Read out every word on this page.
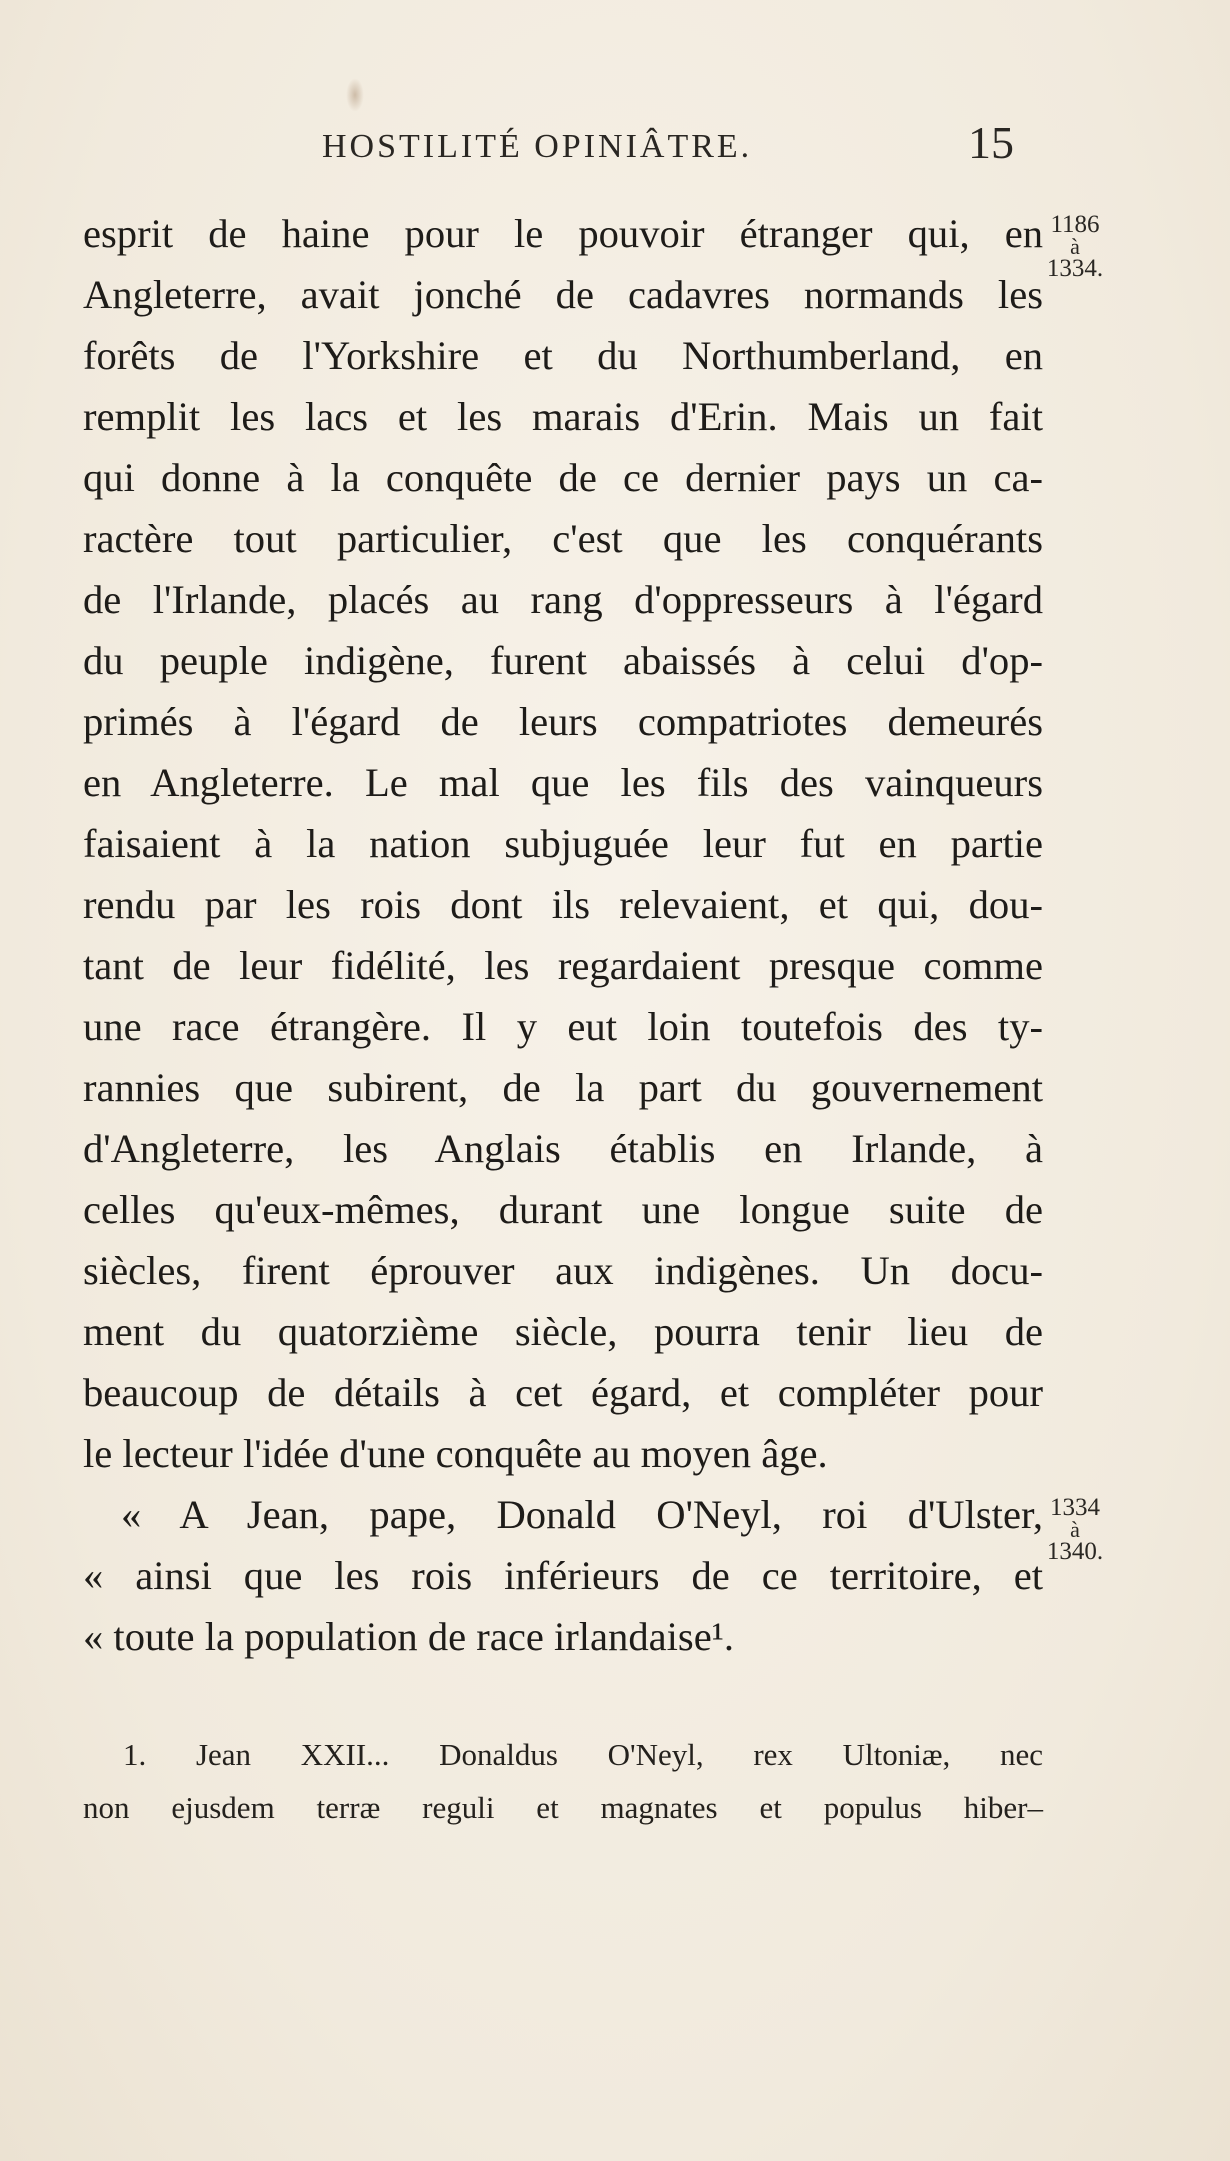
HOSTILITÉ OPINIÂTRE.	15
1186
à
1334.
1334
à
1340.
esprit de haine pour le pouvoir étranger qui, en
Angleterre, avait jonché de cadavres normands les
forêts de l'Yorkshire et du Northumberland, en
remplit les lacs et les marais d'Erin. Mais un fait
qui donne à la conquête de ce dernier pays un ca-
ractère tout particulier, c'est que les conquérants
de l'Irlande, placés au rang d'oppresseurs à l'égard
du peuple indigène, furent abaissés à celui d'op-
primés à l'égard de leurs compatriotes demeurés
en Angleterre. Le mal que les fils des vainqueurs
faisaient à la nation subjuguée leur fut en partie
rendu par les rois dont ils relevaient, et qui, dou-
tant de leur fidélité, les regardaient presque comme
une race étrangère. Il y eut loin toutefois des ty-
rannies que subirent, de la part du gouvernement
d'Angleterre, les Anglais établis en Irlande, à
celles qu'eux-mêmes, durant une longue suite de
siècles, firent éprouver aux indigènes. Un docu-
ment du quatorzième siècle, pourra tenir lieu de
beaucoup de détails à cet égard, et compléter pour
le lecteur l'idée d'une conquête au moyen âge.
« A Jean, pape, Donald O'Neyl, roi d'Ulster,
« ainsi que les rois inférieurs de ce territoire, et
« toute la population de race irlandaise¹.
1. Jean XXII... Donaldus O'Neyl, rex Ultoniæ, nec
non ejusdem terræ reguli et magnates et populus hiber–
